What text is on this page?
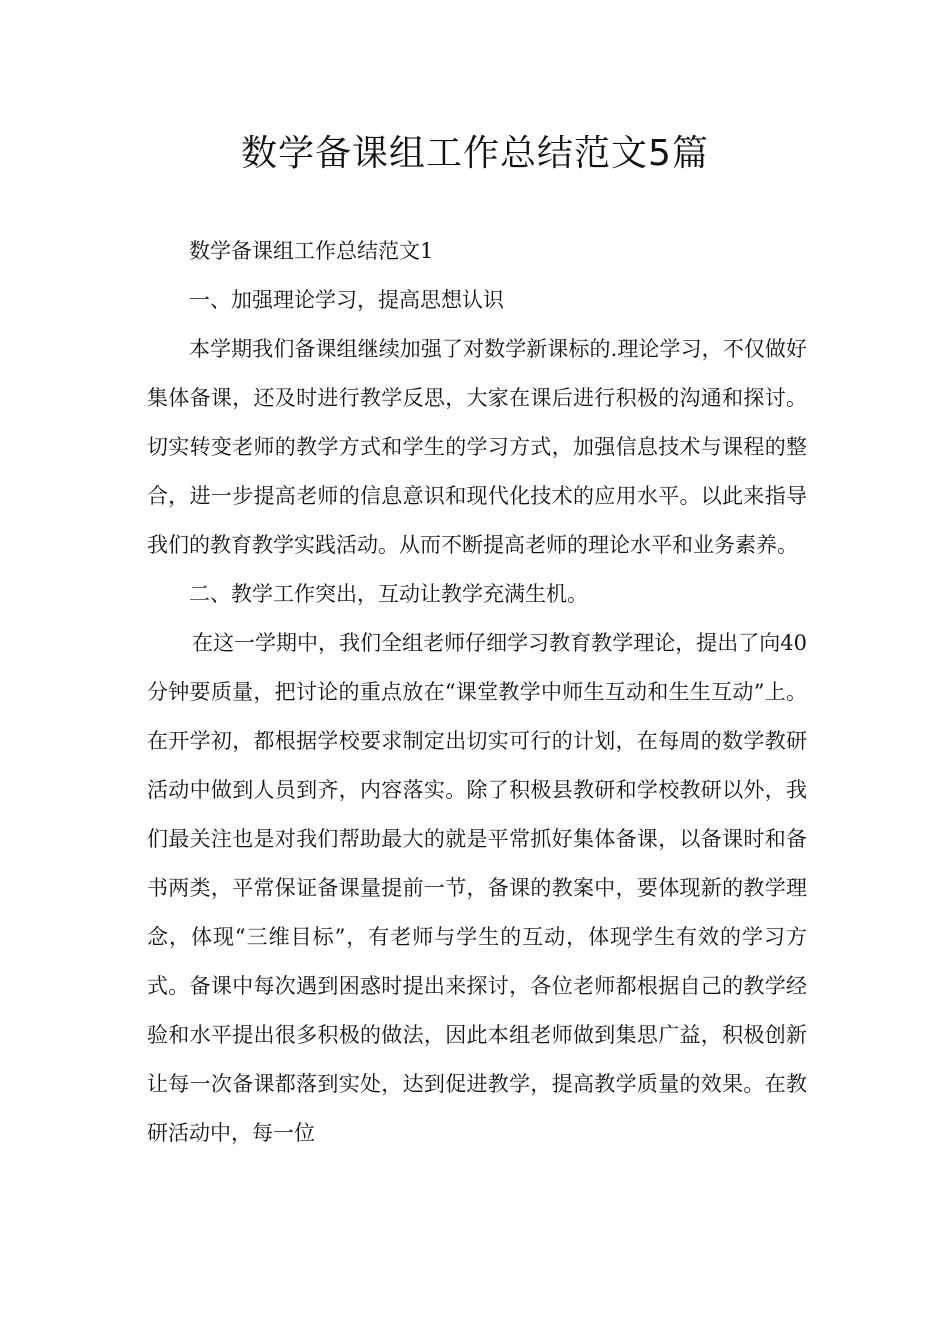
数学备课组工作总结范文5篇

数学备课组工作总结范文1

一、加强理论学习，提高思想认识

本学期我们备课组继续加强了对数学新课标的.理论学习，不仅做好集体备课，还及时进行教学反思，大家在课后进行积极的沟通和探讨。切实转变老师的教学方式和学生的学习方式，加强信息技术与课程的整合，进一步提高老师的信息意识和现代化技术的应用水平。以此来指导我们的教育教学实践活动。从而不断提高老师的理论水平和业务素养。

二、教学工作突出，互动让教学充满生机。

在这一学期中，我们全组老师仔细学习教育教学理论，提出了向40分钟要质量，把讨论的重点放在“课堂教学中师生互动和生生互动”上。在开学初，都根据学校要求制定出切实可行的计划，在每周的数学教研活动中做到人员到齐，内容落实。除了积极县教研和学校教研以外，我们最关注也是对我们帮助最大的就是平常抓好集体备课，以备课时和备书两类，平常保证备课量提前一节，备课的教案中，要体现新的教学理念，体现“三维目标”，有老师与学生的互动，体现学生有效的学习方式。备课中每次遇到困惑时提出来探讨，各位老师都根据自己的教学经验和水平提出很多积极的做法，因此本组老师做到集思广益，积极创新让每一次备课都落到实处，达到促进教学，提高教学质量的效果。在教研活动中，每一位
